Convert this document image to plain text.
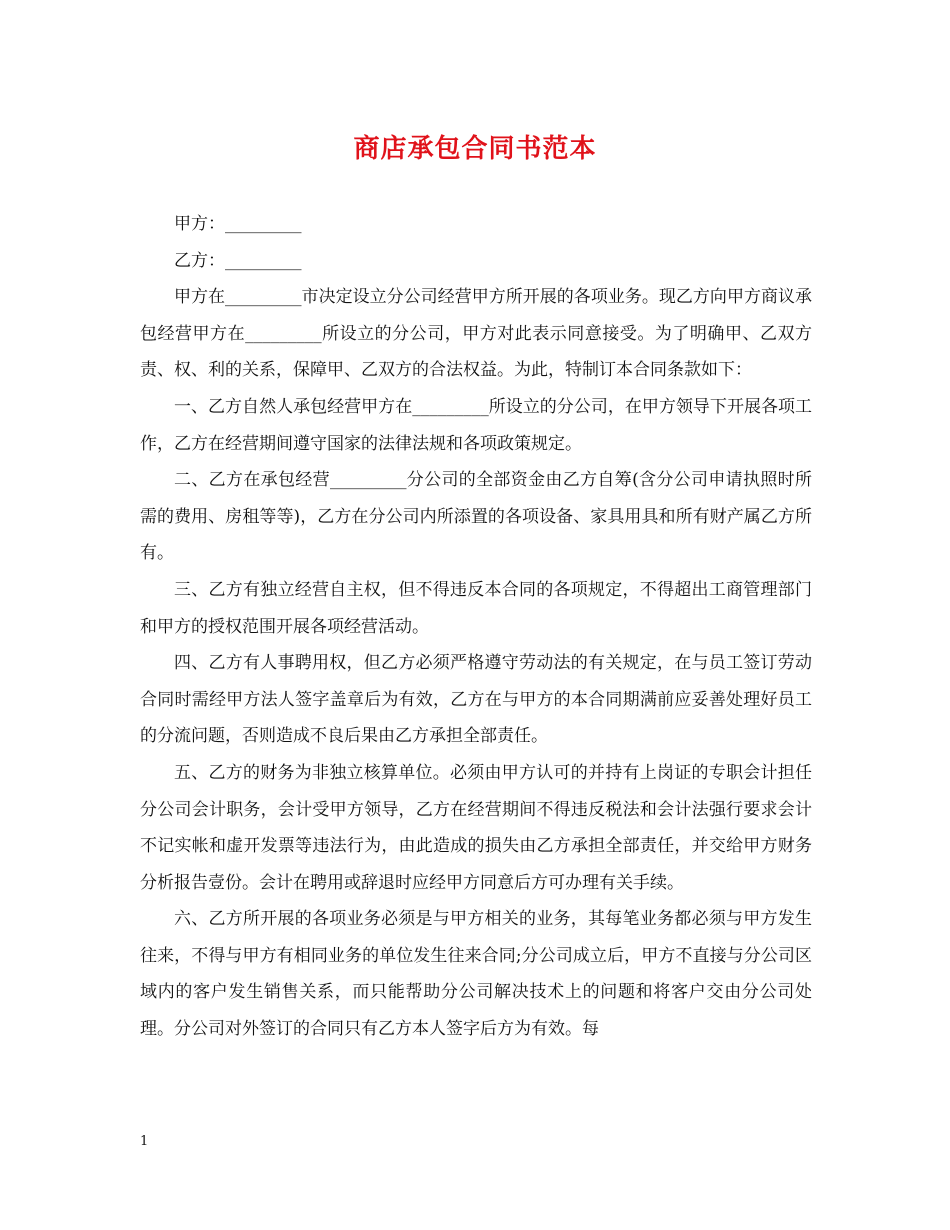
商店承包合同书范本

甲方：_________

乙方：_________

甲方在_________市决定设立分公司经营甲方所开展的各项业务。现乙方向甲方商议承包经营甲方在_________所设立的分公司，甲方对此表示同意接受。为了明确甲、乙双方责、权、利的关系，保障甲、乙双方的合法权益。为此，特制订本合同条款如下：

一、乙方自然人承包经营甲方在_________所设立的分公司，在甲方领导下开展各项工作，乙方在经营期间遵守国家的法律法规和各项政策规定。

二、乙方在承包经营_________分公司的全部资金由乙方自筹(含分公司申请执照时所需的费用、房租等等)，乙方在分公司内所添置的各项设备、家具用具和所有财产属乙方所有。

三、乙方有独立经营自主权，但不得违反本合同的各项规定，不得超出工商管理部门和甲方的授权范围开展各项经营活动。

四、乙方有人事聘用权，但乙方必须严格遵守劳动法的有关规定，在与员工签订劳动合同时需经甲方法人签字盖章后为有效，乙方在与甲方的本合同期满前应妥善处理好员工的分流问题，否则造成不良后果由乙方承担全部责任。

五、乙方的财务为非独立核算单位。必须由甲方认可的并持有上岗证的专职会计担任分公司会计职务，会计受甲方领导，乙方在经营期间不得违反税法和会计法强行要求会计不记实帐和虚开发票等违法行为，由此造成的损失由乙方承担全部责任，并交给甲方财务分析报告壹份。会计在聘用或辞退时应经甲方同意后方可办理有关手续。

六、乙方所开展的各项业务必须是与甲方相关的业务，其每笔业务都必须与甲方发生往来，不得与甲方有相同业务的单位发生往来合同;分公司成立后，甲方不直接与分公司区域内的客户发生销售关系，而只能帮助分公司解决技术上的问题和将客户交由分公司处理。分公司对外签订的合同只有乙方本人签字后方为有效。每

1
